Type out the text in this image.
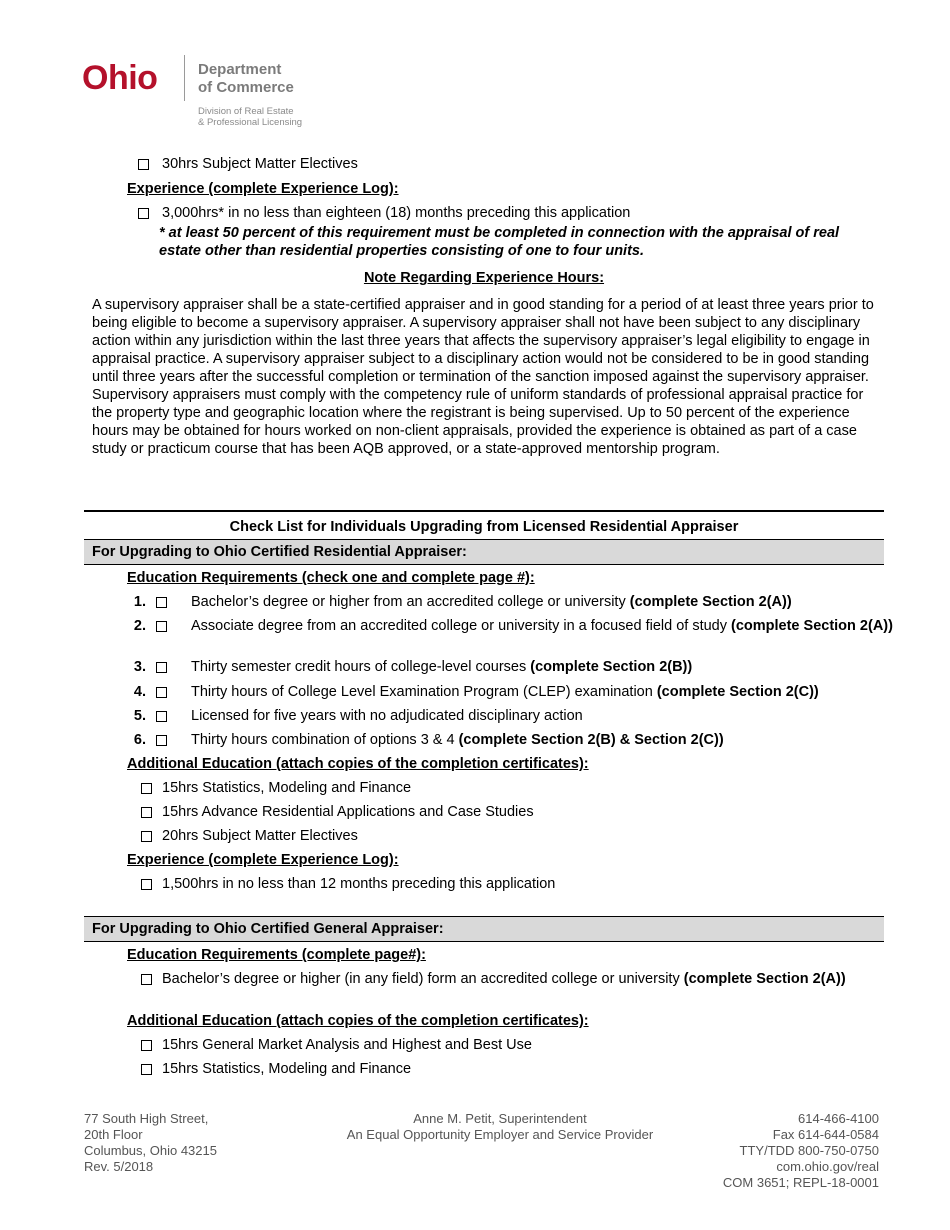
Ohio	Department
of Commerce
Division of Real Estate
& Professional Licensing
30hrs Subject Matter Electives
Experience (complete Experience Log):
3,000hrs* in no less than eighteen (18) months preceding this application
* at least 50 percent of this requirement must be completed in connection with the appraisal of real estate other than residential properties consisting of one to four units.
Note Regarding Experience Hours:
A supervisory appraiser shall be a state-certified appraiser and in good standing for a period of at least three years prior to being eligible to become a supervisory appraiser. A supervisory appraiser shall not have been subject to any disciplinary action within any jurisdiction within the last three years that affects the supervisory appraiser’s legal eligibility to engage in appraisal practice. A supervisory appraiser subject to a disciplinary action would not be considered to be in good standing until three years after the successful completion or termination of the sanction imposed against the supervisory appraiser. Supervisory appraisers must comply with the competency rule of uniform standards of professional appraisal practice for the property type and geographic location where the registrant is being supervised. Up to 50 percent of the experience hours may be obtained for hours worked on non-client appraisals, provided the experience is obtained as part of a case study or practicum course that has been AQB approved, or a state-approved mentorship program.
Check List for Individuals Upgrading from Licensed Residential Appraiser
For Upgrading to Ohio Certified Residential Appraiser:
Education Requirements (check one and complete page #):
1.	Bachelor’s degree or higher from an accredited college or university (complete Section 2(A))
2.	Associate degree from an accredited college or university in a focused field of study (complete Section 2(A))
3.	Thirty semester credit hours of college-level courses (complete Section 2(B))
4.	Thirty hours of College Level Examination Program (CLEP) examination (complete Section 2(C))
5.	Licensed for five years with no adjudicated disciplinary action
6.	Thirty hours combination of options 3 & 4 (complete Section 2(B) & Section 2(C))
Additional Education (attach copies of the completion certificates):
15hrs Statistics, Modeling and Finance
15hrs Advance Residential Applications and Case Studies
20hrs Subject Matter Electives
Experience (complete Experience Log):
1,500hrs in no less than 12 months preceding this application
For Upgrading to Ohio Certified General Appraiser:
Education Requirements (complete page#):
Bachelor’s degree or higher (in any field) form an accredited college or university (complete Section 2(A))
Additional Education (attach copies of the completion certificates):
15hrs General Market Analysis and Highest and Best Use
15hrs Statistics, Modeling and Finance
77 South High Street,
20th Floor
Columbus, Ohio 43215
Rev. 5/2018
Anne M. Petit, Superintendent
An Equal Opportunity Employer and Service Provider
614-466-4100
Fax 614-644-0584
TTY/TDD 800-750-0750
com.ohio.gov/real
COM 3651; REPL-18-0001
